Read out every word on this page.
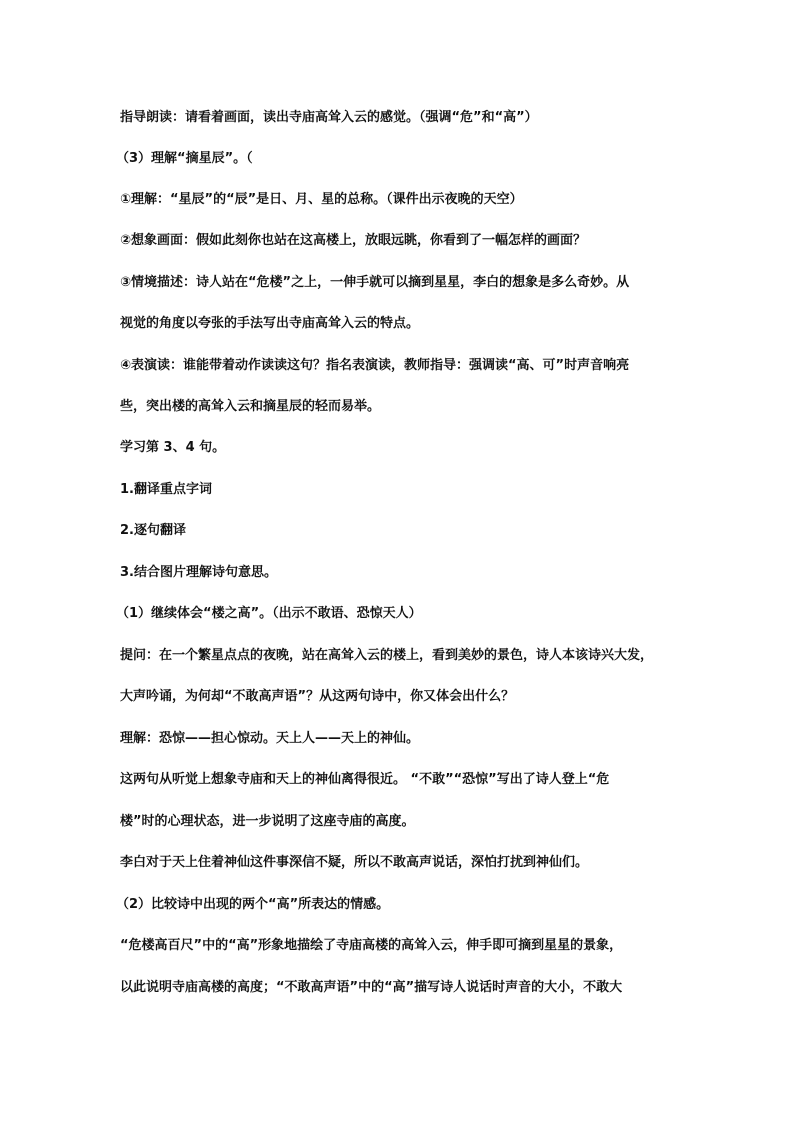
指导朗读：请看着画面，读出寺庙高耸入云的感觉。（强调“危”和“高”）
（3）理解“摘星辰”。（
①理解：“星辰”的“辰”是日、月、星的总称。（课件出示夜晚的天空）
②想象画面：假如此刻你也站在这高楼上，放眼远眺，你看到了一幅怎样的画面？
③情境描述：诗人站在“危楼”之上，一伸手就可以摘到星星，李白的想象是多么奇妙。从
视觉的角度以夸张的手法写出寺庙高耸入云的特点。
④表演读：谁能带着动作读读这句？指名表演读，教师指导：强调读“高、可”时声音响亮
些，突出楼的高耸入云和摘星辰的轻而易举。
学习第 3、4 句。
1.翻译重点字词
2.逐句翻译
3.结合图片理解诗句意思。
（1）继续体会“楼之高”。（出示不敢语、恐惊天人）
提问：在一个繁星点点的夜晚，站在高耸入云的楼上，看到美妙的景色，诗人本该诗兴大发，
大声吟诵，为何却“不敢高声语”？从这两句诗中，你又体会出什么？
理解：恐惊——担心惊动。天上人——天上的神仙。
这两句从听觉上想象寺庙和天上的神仙离得很近。 “不敢”“恐惊”写出了诗人登上“危
楼”时的心理状态，进一步说明了这座寺庙的高度。
李白对于天上住着神仙这件事深信不疑，所以不敢高声说话，深怕打扰到神仙们。
（2）比较诗中出现的两个“高”所表达的情感。
“危楼高百尺”中的“高”形象地描绘了寺庙高楼的高耸入云，伸手即可摘到星星的景象，
以此说明寺庙高楼的高度；“不敢高声语”中的“高”描写诗人说话时声音的大小，不敢大
